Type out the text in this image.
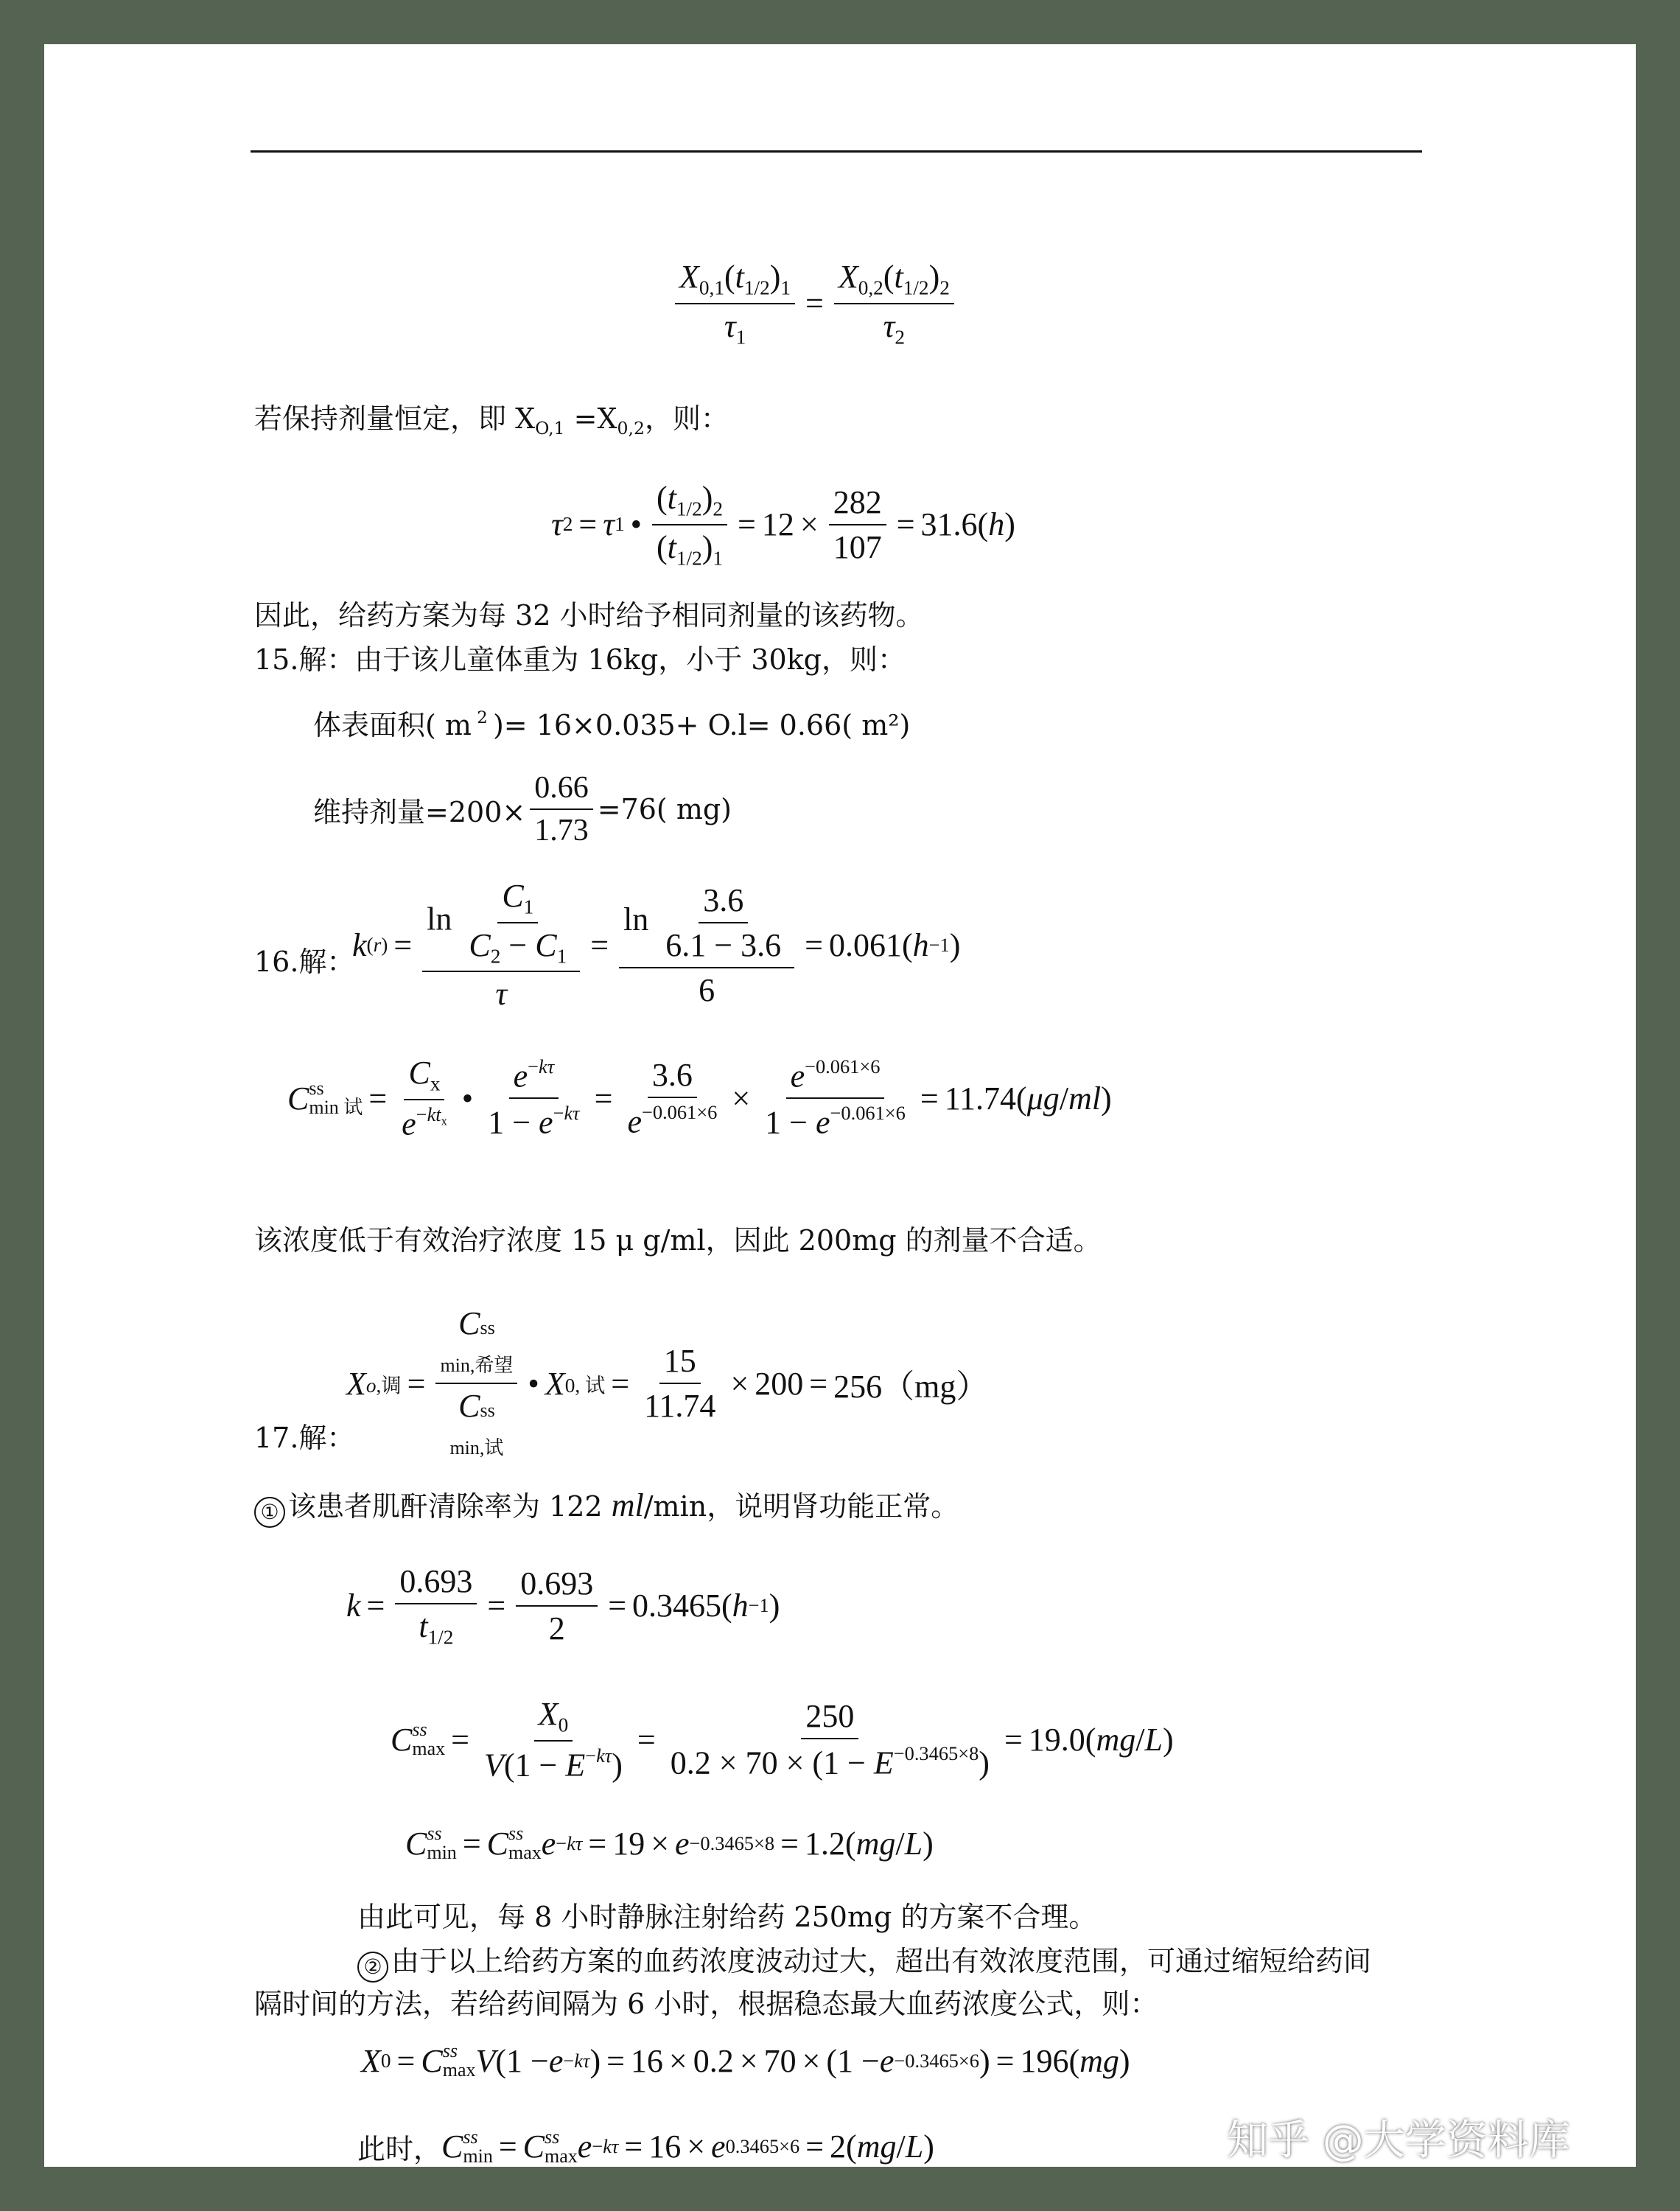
$\frac{X_{0,1}(t_{1/2})_1}{\tau_1} = \frac{X_{0,2}(t_{1/2})_2}{\tau_2}$
若保持剂量恒定，即 $X_{O,1} =X_{0,2}$，则：
τ 2 = τ 1 • $\frac{(t_{1/2})_2}{(t_{1/2})_1} = 12 \times \frac{282}{107} = 31.6$( h )
因此，给药方案为每 32 小时给予相同剂量的该药物。
15.解：由于该儿童体重为 16kg，小于 30kg，则：
体表面积( m $^2$ )= 16×0.035+ O.l= 0.66( m²)
维持剂量$=200\times \frac{0.66}{1.73} =76$( mg)
16.解：
k $(r) = \frac{\ln \frac{C_1}{C_2 - C_1}}{\tau} = \frac{\ln \frac{3.6}{6.1 - 3.6}}{6} = 0.061$( h −1 )
C ss
min 试 = $\frac{C_x}{e^{-kt_x}}$ • $\frac{e^{-k\tau}}{1 - e^{-k\tau}} = \frac{3.6}{e^{-0.061\times 6}} \times \frac{e^{-0.061\times 6}}{1 - e^{-0.061\times 6}} = 11.74$( μg / ml )
该浓度低于有效治疗浓度 15 μ g/ml，因此 200mg 的剂量不合适。
X o,调 =
Css
min,希望
Css
min,试
• X 0, 试 = $\frac{15}{11.74} \times 200 = 256(mg)$
17.解：
① 该患者肌酐清除率为 122 ml/min，说明肾功能正常。
$k = \frac{0.693}{t_{1/2}} = \frac{0.693}{2} = 0.3465$( h −1 )
C ss
$\max = \frac{X_0}{V(1 - E^{-k\tau})} = \frac{250}{0.2 \times 70 \times (1 - E^{-0.3465\times 8})} = 19.0$( mg / L )
C ss
min = C ss
max e −kτ = 19 × e −0.3465×8 = 1.2( mg / L )
由此可见，每 8 小时静脉注射给药 250mg 的方案不合理。
② 由于以上给药方案的血药浓度波动过大，超出有效浓度范围，可通过缩短给药间
隔时间的方法，若给药间隔为 6 小时，根据稳态最大血药浓度公式，则：
X 0 = C ss
max V (1 − e −kτ ) = 16 × 0.2 × 70 × (1 − e −0.3465×6 ) = 196( mg )
此时， C ss
min = C ss
max e −kτ = 16 × e 0.3465×6 = 2( mg / L )	知乎 @大学资料库
